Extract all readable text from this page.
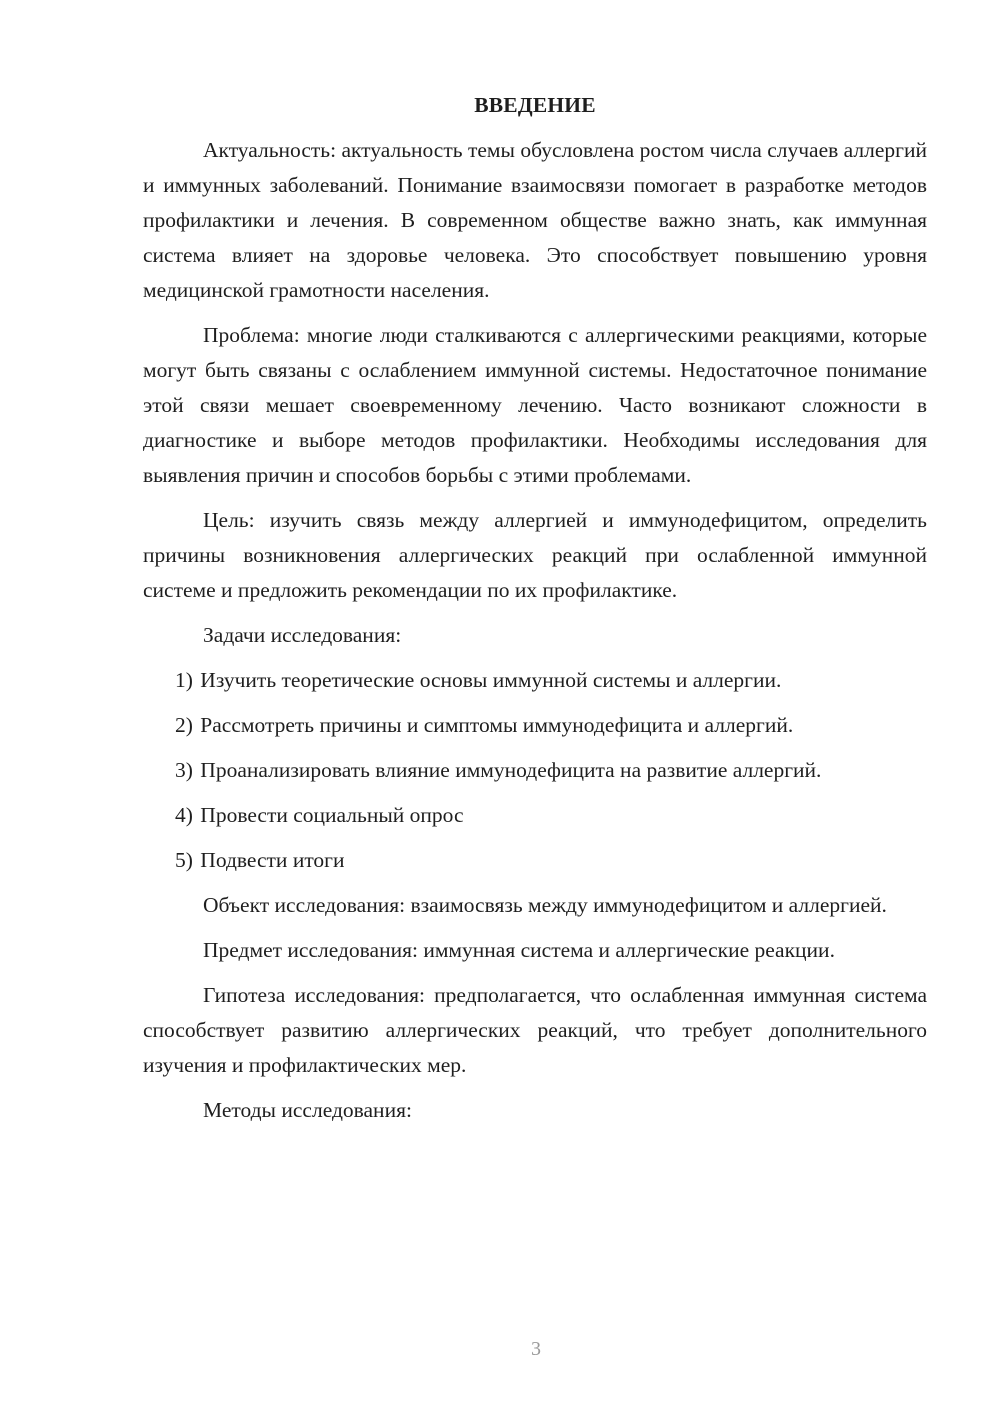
ВВЕДЕНИЕ

Актуальность: актуальность темы обусловлена ростом числа случаев аллергий и иммунных заболеваний. Понимание взаимосвязи помогает в разработке методов профилактики и лечения. В современном обществе важно знать, как иммунная система влияет на здоровье человека. Это способствует повышению уровня медицинской грамотности населения.

Проблема: многие люди сталкиваются с аллергическими реакциями, которые могут быть связаны с ослаблением иммунной системы. Недостаточное понимание этой связи мешает своевременному лечению. Часто возникают сложности в диагностике и выборе методов профилактики. Необходимы исследования для выявления причин и способов борьбы с этими проблемами.

Цель: изучить связь между аллергией и иммунодефицитом, определить причины возникновения аллергических реакций при ослабленной иммунной системе и предложить рекомендации по их профилактике.

Задачи исследования:

1) Изучить теоретические основы иммунной системы и аллергии.
2) Рассмотреть причины и симптомы иммунодефицита и аллергий.
3) Проанализировать влияние иммунодефицита на развитие аллергий.
4) Провести социальный опрос
5) Подвести итоги

Объект исследования: взаимосвязь между иммунодефицитом и аллергией.

Предмет исследования: иммунная система и аллергические реакции.

Гипотеза исследования: предполагается, что ослабленная иммунная система способствует развитию аллергических реакций, что требует дополнительного изучения и профилактических мер.

Методы исследования:

3
